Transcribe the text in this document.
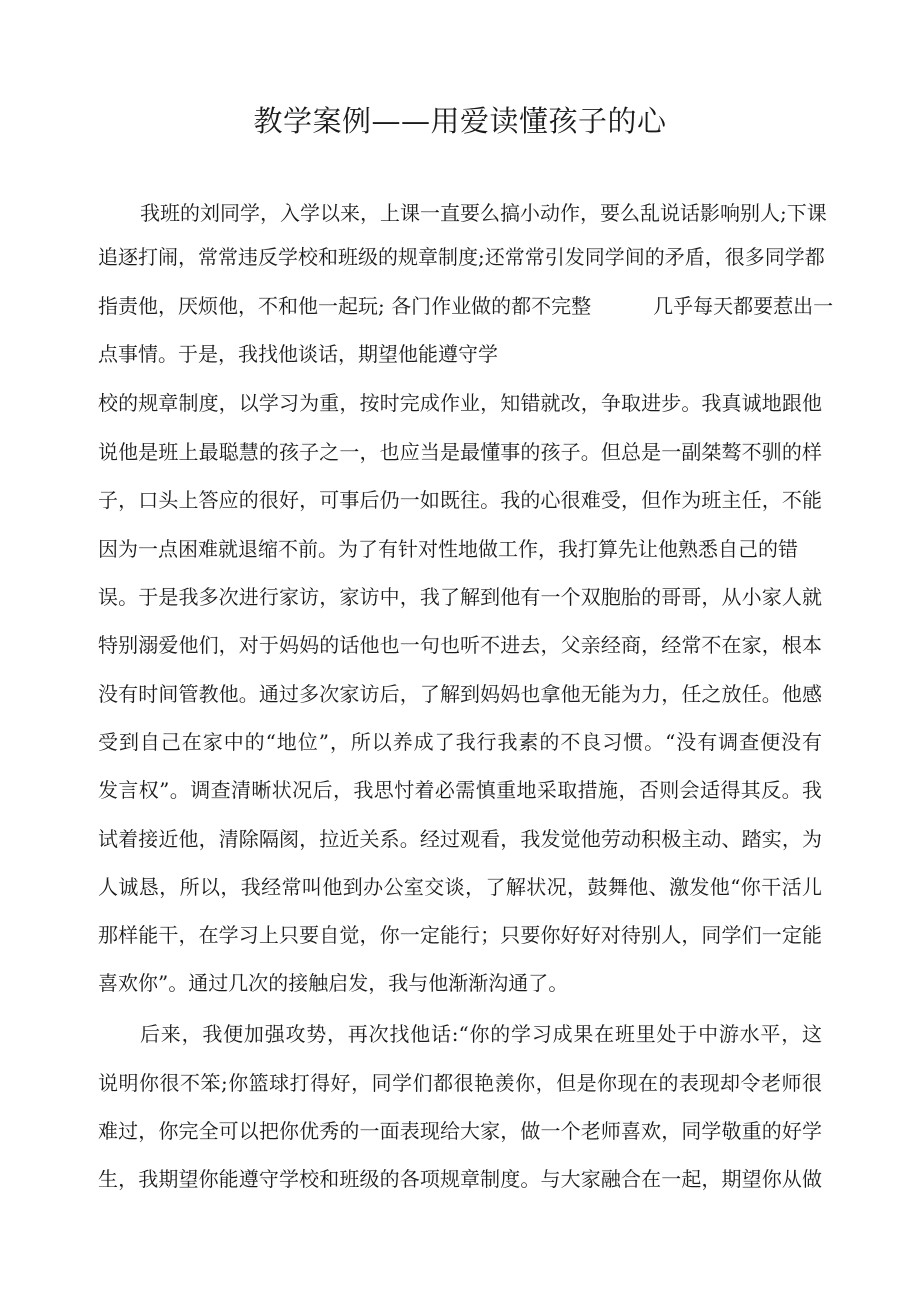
教学案例——用爱读懂孩子的心

我班的刘同学，入学以来，上课一直要么搞小动作，要么乱说话影响别人;下课

追逐打闹，常常违反学校和班级的规章制度;还常常引发同学间的矛盾，很多同学都

指责他，厌烦他，不和他一起玩; 各门作业做的都不完整	几乎每天都要惹出一

点事情。于是，我找他谈话，期望他能遵守学

校的规章制度，以学习为重，按时完成作业，知错就改，争取进步。我真诚地跟他

说他是班上最聪慧的孩子之一，也应当是最懂事的孩子。但总是一副桀骜不驯的样

子，口头上答应的很好，可事后仍一如既往。我的心很难受，但作为班主任，不能

因为一点困难就退缩不前。为了有针对性地做工作，我打算先让他熟悉自己的错

误。于是我多次进行家访，家访中，我了解到他有一个双胞胎的哥哥，从小家人就

特别溺爱他们，对于妈妈的话他也一句也听不进去，父亲经商，经常不在家，根本

没有时间管教他。通过多次家访后，了解到妈妈也拿他无能为力，任之放任。他感

受到自己在家中的“地位”，所以养成了我行我素的不良习惯。“没有调查便没有

发言权”。调查清晰状况后，我思忖着必需慎重地采取措施，否则会适得其反。我

试着接近他，清除隔阂，拉近关系。经过观看，我发觉他劳动积极主动、踏实，为

人诚恳，所以，我经常叫他到办公室交谈，了解状况，鼓舞他、激发他“你干活儿

那样能干，在学习上只要自觉，你一定能行；只要你好好对待别人，同学们一定能

喜欢你”。通过几次的接触启发，我与他渐渐沟通了。

后来，我便加强攻势，再次找他话:“你的学习成果在班里处于中游水平，这

说明你很不笨;你篮球打得好，同学们都很艳羡你，但是你现在的表现却令老师很

难过，你完全可以把你优秀的一面表现给大家，做一个老师喜欢，同学敬重的好学

生，我期望你能遵守学校和班级的各项规章制度。与大家融合在一起，期望你从做
